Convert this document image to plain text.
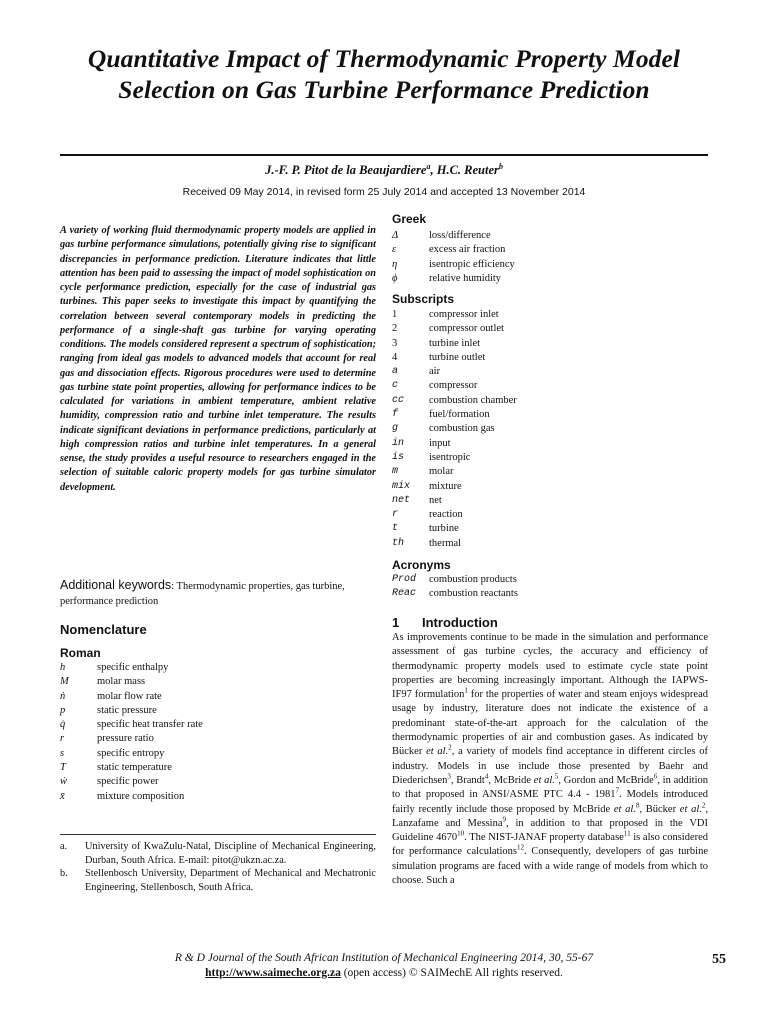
Quantitative Impact of Thermodynamic Property Model Selection on Gas Turbine Performance Prediction
J.-F. P. Pitot de la Beaujardiere$^a$, H.C. Reuter$^b$
Received 09 May 2014, in revised form 25 July 2014 and accepted 13 November 2014

A variety of working fluid thermodynamic property models are applied in gas turbine performance simulations, potentially giving rise to significant discrepancies in performance prediction. Literature indicates that little attention has been paid to assessing the impact of model sophistication on cycle performance prediction, especially for the case of industrial gas turbines. This paper seeks to investigate this impact by quantifying the correlation between several contemporary models in predicting the performance of a single-shaft gas turbine for varying operating conditions. The models considered represent a spectrum of sophistication; ranging from ideal gas models to advanced models that account for real gas and dissociation effects. Rigorous procedures were used to determine gas turbine state point properties, allowing for performance indices to be calculated for variations in ambient temperature, ambient relative humidity, compression ratio and turbine inlet temperature. The results indicate significant deviations in performance predictions, particularly at high compression ratios and turbine inlet temperatures. In a general sense, the study provides a useful resource to researchers engaged in the selection of suitable caloric property models for gas turbine simulator development.

Additional keywords: Thermodynamic properties, gas turbine, performance prediction
Nomenclature
Roman
h	specific enthalpy
M	molar mass
ṅ	molar flow rate
p	static pressure
q̇	specific heat transfer rate
r	pressure ratio
s	specific entropy
T	static temperature
ẇ	specific power
x̄	mixture composition
a.	University of KwaZulu-Natal, Discipline of Mechanical Engineering, Durban, South Africa. E-mail: pitot@ukzn.ac.za.
b.	Stellenbosch University, Department of Mechanical and Mechatronic Engineering, Stellenbosch, South Africa.
Greek
Δ	loss/difference
ε	excess air fraction
η	isentropic efficiency
ϕ	relative humidity
Subscripts
1	compressor inlet
2	compressor outlet
3	turbine inlet
4	turbine outlet
a	air
c	compressor
cc	combustion chamber
f	fuel/formation
g	combustion gas
in	input
is	isentropic
m	molar
mix	mixture
net	net
r	reaction
t	turbine
th	thermal
Acronyms
Prod	combustion products
Reac	combustion reactants
1 Introduction

As improvements continue to be made in the simulation and performance assessment of gas turbine cycles, the accuracy and efficiency of thermodynamic property models used to estimate cycle state point properties are becoming increasingly important. Although the IAPWS-IF97 formulation$^1$ for the properties of water and steam enjoys widespread usage by industry, literature does not indicate the existence of a predominant state-of-the-art approach for the calculation of the thermodynamic properties of air and combustion gases. As indicated by Bücker et al.$^2$, a variety of models find acceptance in different circles of industry. Models in use include those presented by Baehr and Diederichsen$^3$, Brandt$^4$, McBride et al.$^5$, Gordon and McBride$^6$, in addition to that proposed in ANSI/ASME PTC 4.4 - 1981$^7$. Models introduced fairly recently include those proposed by McBride et al.$^8$, Bücker et al.$^2$, Lanzafame and Messina$^9$, in addition to that proposed in the VDI Guideline 4670$^{10}$. The NIST-JANAF property database$^{11}$ is also considered for performance calculations$^{12}$. Consequently, developers of gas turbine simulation programs are faced with a wide range of models from which to choose. Such a

R & D Journal of the South African Institution of Mechanical Engineering 2014, 30, 55-67
http://www.saimeche.org.za (open access) © SAIMechE All rights reserved.
55
